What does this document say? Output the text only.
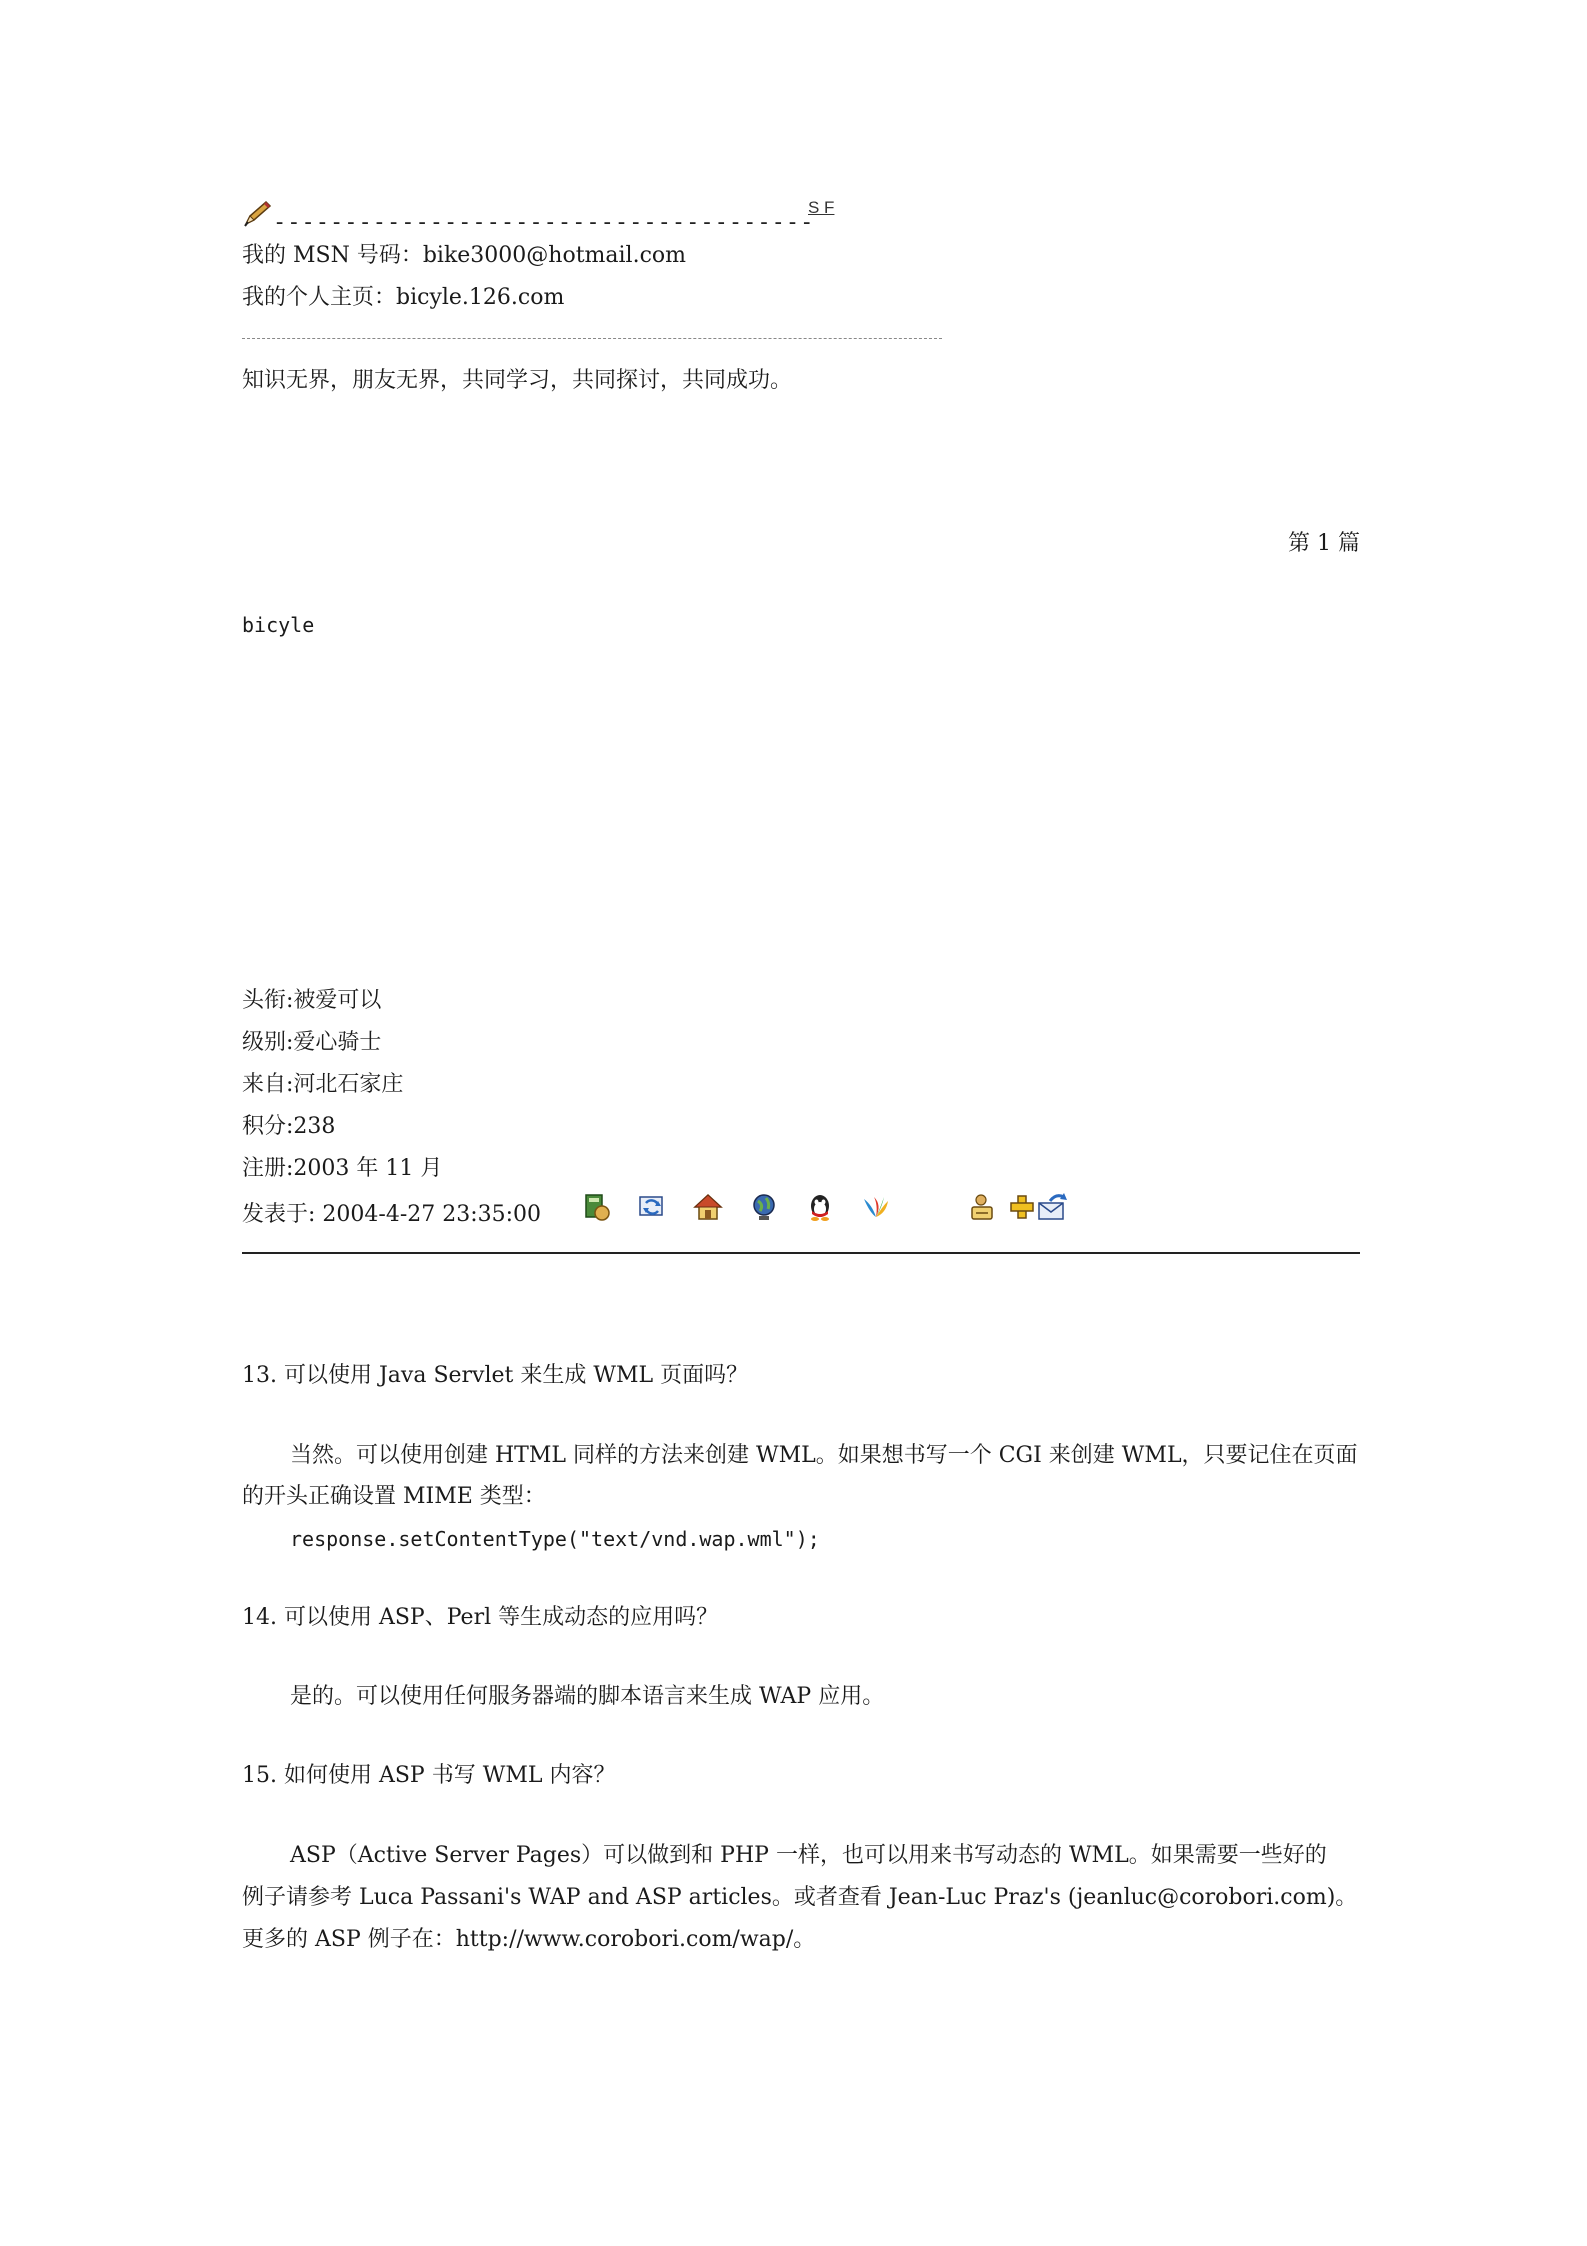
--------------------------------------
S F
我的 MSN 号码：bike3000@hotmail.com
我的个人主页：bicyle.126.com
知识无界，朋友无界，共同学习，共同探讨，共同成功。
第 1 篇
bicyle
头衔:被爱可以
级别:爱心骑士
来自:河北石家庄
积分:238
注册:2003 年 11 月
发表于: 2004-4-27 23:35:00
13. 可以使用 Java Servlet 来生成 WML 页面吗？
当然。可以使用创建 HTML 同样的方法来创建 WML。如果想书写一个 CGI 来创建 WML，只要记住在页面
的开头正确设置 MIME 类型：
response.setContentType("text/vnd.wap.wml");
14. 可以使用 ASP、Perl 等生成动态的应用吗？
是的。可以使用任何服务器端的脚本语言来生成 WAP 应用。
15. 如何使用 ASP 书写 WML 内容？
ASP（Active Server Pages）可以做到和 PHP 一样，也可以用来书写动态的 WML。如果需要一些好的
例子请参考 Luca Passani's WAP and ASP articles。或者查看 Jean-Luc Praz's (jeanluc@corobori.com)。
更多的 ASP 例子在：http://www.corobori.com/wap/。
